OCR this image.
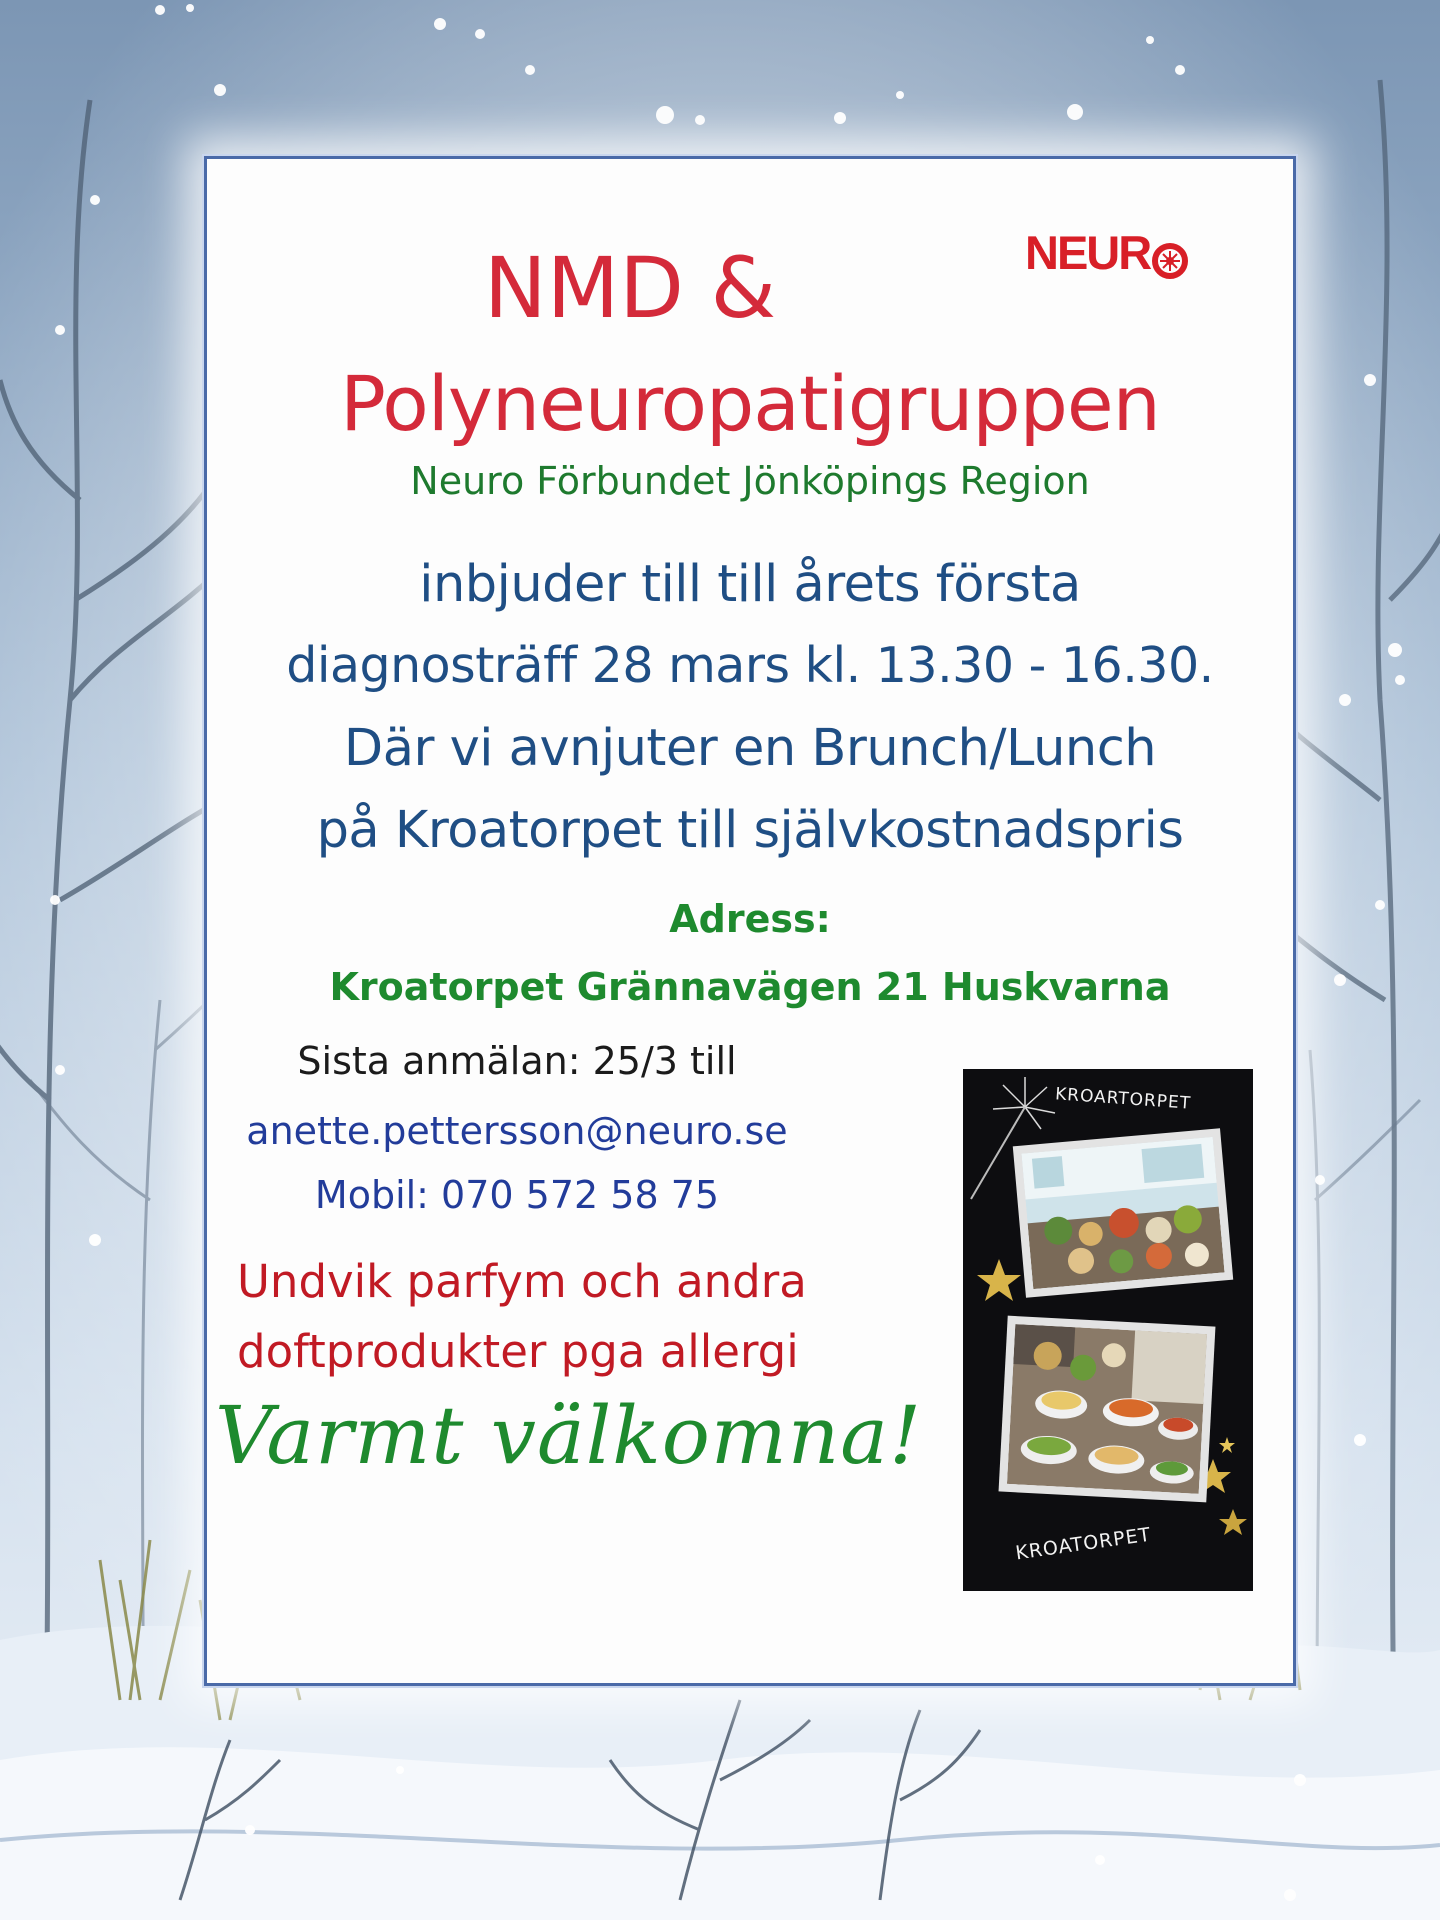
NEUR
NMD &
Polyneuropatigruppen
Neuro Förbundet Jönköpings Region
inbjuder till till årets första
diagnosträff 28 mars kl. 13.30 - 16.30.
Där vi avnjuter en Brunch/Lunch
på Kroatorpet till självkostnadspris
Adress:
Kroatorpet Grännavägen 21 Huskvarna
Sista anmälan: 25/3 till
anette.pettersson@neuro.se
Mobil: 070 572 58 75
Undvik parfym och andra
doftprodukter pga allergi
Varmt välkomna!
KROARTORPET
KROATORPET
